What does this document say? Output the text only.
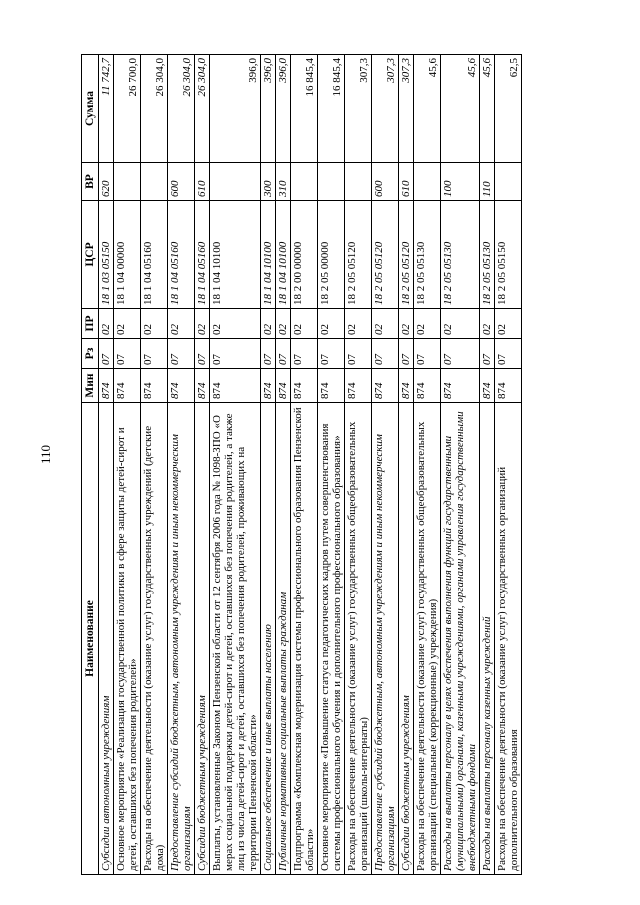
110
Наименование	Мин	Рз	ПР	ЦСР	ВР	Сумма
Субсидии автономным учреждениям	874	07	02	18 1 03 05150	620	11 742,7
Основное мероприятие «Реализация государственной политики в сфере защиты детей-сирот и детей, оставшихся без попечения родителей»	874	07	02	18 1 04 00000		26 700,0
Расходы на обеспечение деятельности (оказание услуг) государственных учреждений (детские дома)	874	07	02	18 1 04 05160		26 304,0
Предоставление субсидий бюджетным, автономным учреждениям и иным некоммерческим организациям	874	07	02	18 1 04 05160	600	26 304,0
Субсидии бюджетным учреждениям	874	07	02	18 1 04 05160	610	26 304,0
Выплаты, установленные Законом Пензенской области от 12 сентября 2006 года № 1098-ЗПО «О мерах социальной поддержки детей-сирот и детей, оставшихся без попечения родителей, а также лиц из числа детей-сирот и детей, оставшихся без попечения родителей, проживающих на территории Пензенской области»	874	07	02	18 1 04 10100		396,0
Социальное обеспечение и иные выплаты населению	874	07	02	18 1 04 10100	300	396,0
Публичные нормативные социальные выплаты гражданам	874	07	02	18 1 04 10100	310	396,0
Подпрограмма «Комплексная модернизация системы профессионального образования Пензенской области»	874	07	02	18 2 00 00000		16 845,4
Основное мероприятие «Повышение статуса педагогических кадров путем совершенствования системы профессионального обучения и дополнительного профессионального образования»	874	07	02	18 2 05 00000		16 845,4
Расходы на обеспечение деятельности (оказание услуг) государственных общеобразовательных организаций (школы-интернаты)	874	07	02	18 2 05 05120		307,3
Предоставление субсидий бюджетным, автономным учреждениям и иным некоммерческим организациям	874	07	02	18 2 05 05120	600	307,3
Субсидии бюджетным учреждениям	874	07	02	18 2 05 05120	610	307,3
Расходы на обеспечение деятельности (оказание услуг) государственных общеобразовательных организаций (специальные (коррекционные) учреждения)	874	07	02	18 2 05 05130		45,6
Расходы на выплаты персоналу в целях обеспечения выполнения функций государственными (муниципальными) органами, казенными учреждениями, органами управления государственными внебюджетными фондами	874	07	02	18 2 05 05130	100	45,6
Расходы на выплаты персоналу казенных учреждений	874	07	02	18 2 05 05130	110	45,6
Расходы на обеспечение деятельности (оказание услуг) государственных организаций дополнительного образования	874	07	02	18 2 05 05150		62,5
